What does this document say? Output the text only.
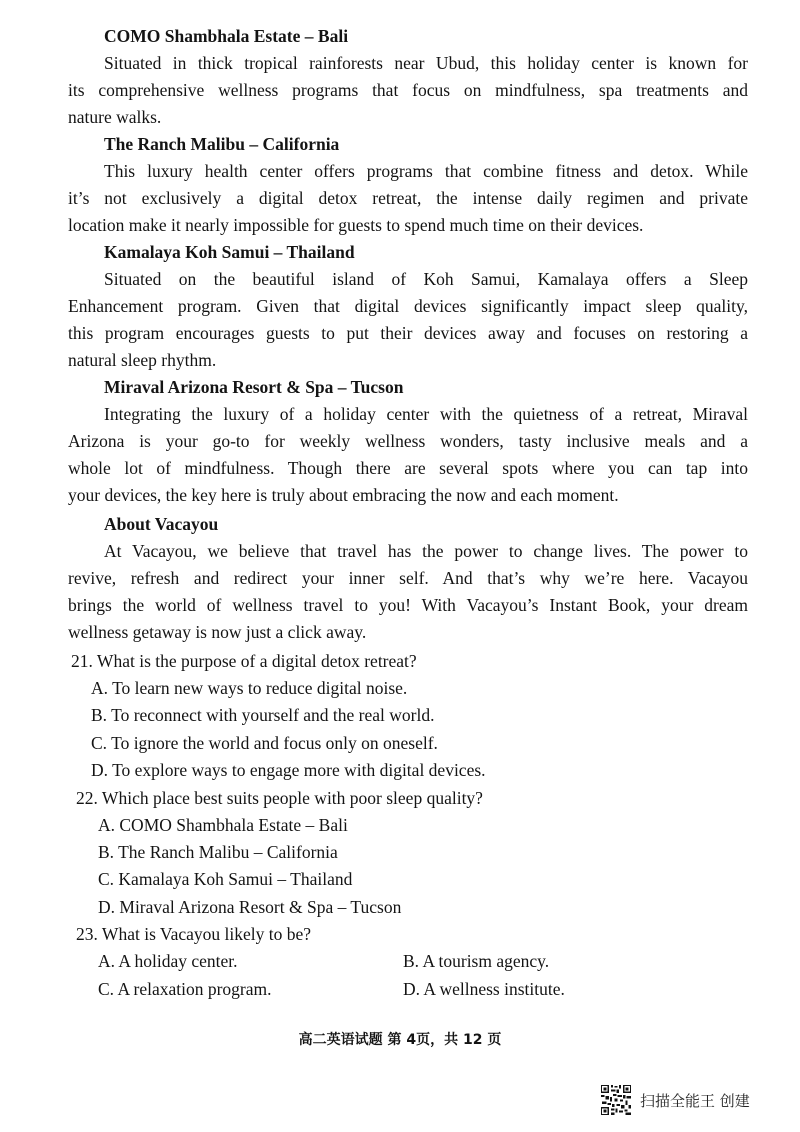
COMO Shambhala Estate – Bali
Situated in thick tropical rainforests near Ubud, this holiday center is known for
its comprehensive wellness programs that focus on mindfulness, spa treatments and
nature walks.
The Ranch Malibu – California
This luxury health center offers programs that combine fitness and detox. While
it’s not exclusively a digital detox retreat, the intense daily regimen and private
location make it nearly impossible for guests to spend much time on their devices.
Kamalaya Koh Samui – Thailand
Situated on the beautiful island of Koh Samui, Kamalaya offers a Sleep
Enhancement program. Given that digital devices significantly impact sleep quality,
this program encourages guests to put their devices away and focuses on restoring a
natural sleep rhythm.
Miraval Arizona Resort & Spa – Tucson
Integrating the luxury of a holiday center with the quietness of a retreat, Miraval
Arizona is your go-to for weekly wellness wonders, tasty inclusive meals and a
whole lot of mindfulness. Though there are several spots where you can tap into
your devices, the key here is truly about embracing the now and each moment.
About Vacayou
At Vacayou, we believe that travel has the power to change lives. The power to
revive, refresh and redirect your inner self. And that’s why we’re here. Vacayou
brings the world of wellness travel to you! With Vacayou’s Instant Book, your dream
wellness getaway is now just a click away.
21. What is the purpose of a digital detox retreat?
A. To learn new ways to reduce digital noise.
B. To reconnect with yourself and the real world.
C. To ignore the world and focus only on oneself.
D. To explore ways to engage more with digital devices.
22. Which place best suits people with poor sleep quality?
A. COMO Shambhala Estate – Bali
B. The Ranch Malibu – California
C. Kamalaya Koh Samui – Thailand
D. Miraval Arizona Resort & Spa – Tucson
23. What is Vacayou likely to be?
A. A holiday center.	B. A tourism agency.
C. A relaxation program.	D. A wellness institute.
高二英语试题 第 4页，共 12 页
扫描全能王 创建
